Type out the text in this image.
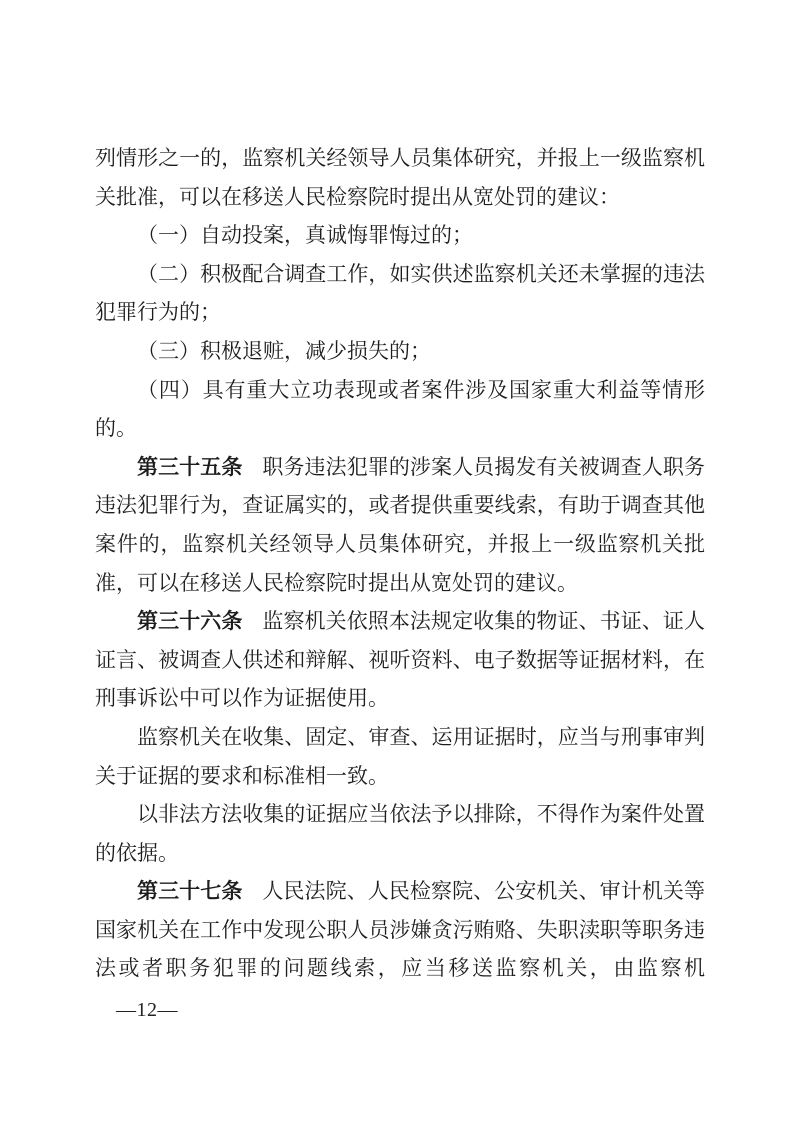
列情形之一的，监察机关经领导人员集体研究，并报上一级监察机关批准，可以在移送人民检察院时提出从宽处罚的建议：

（一）自动投案，真诚悔罪悔过的；

（二）积极配合调查工作，如实供述监察机关还未掌握的违法犯罪行为的；

（三）积极退赃，减少损失的；

（四）具有重大立功表现或者案件涉及国家重大利益等情形的。

第三十五条 职务违法犯罪的涉案人员揭发有关被调查人职务违法犯罪行为，查证属实的，或者提供重要线索，有助于调查其他案件的，监察机关经领导人员集体研究，并报上一级监察机关批准，可以在移送人民检察院时提出从宽处罚的建议。

第三十六条 监察机关依照本法规定收集的物证、书证、证人证言、被调查人供述和辩解、视听资料、电子数据等证据材料，在刑事诉讼中可以作为证据使用。

监察机关在收集、固定、审查、运用证据时，应当与刑事审判关于证据的要求和标准相一致。

以非法方法收集的证据应当依法予以排除，不得作为案件处置的依据。

第三十七条 人民法院、人民检察院、公安机关、审计机关等国家机关在工作中发现公职人员涉嫌贪污贿赂、失职渎职等职务违法或者职务犯罪的问题线索，应当移送监察机关，由监察机

—12—
